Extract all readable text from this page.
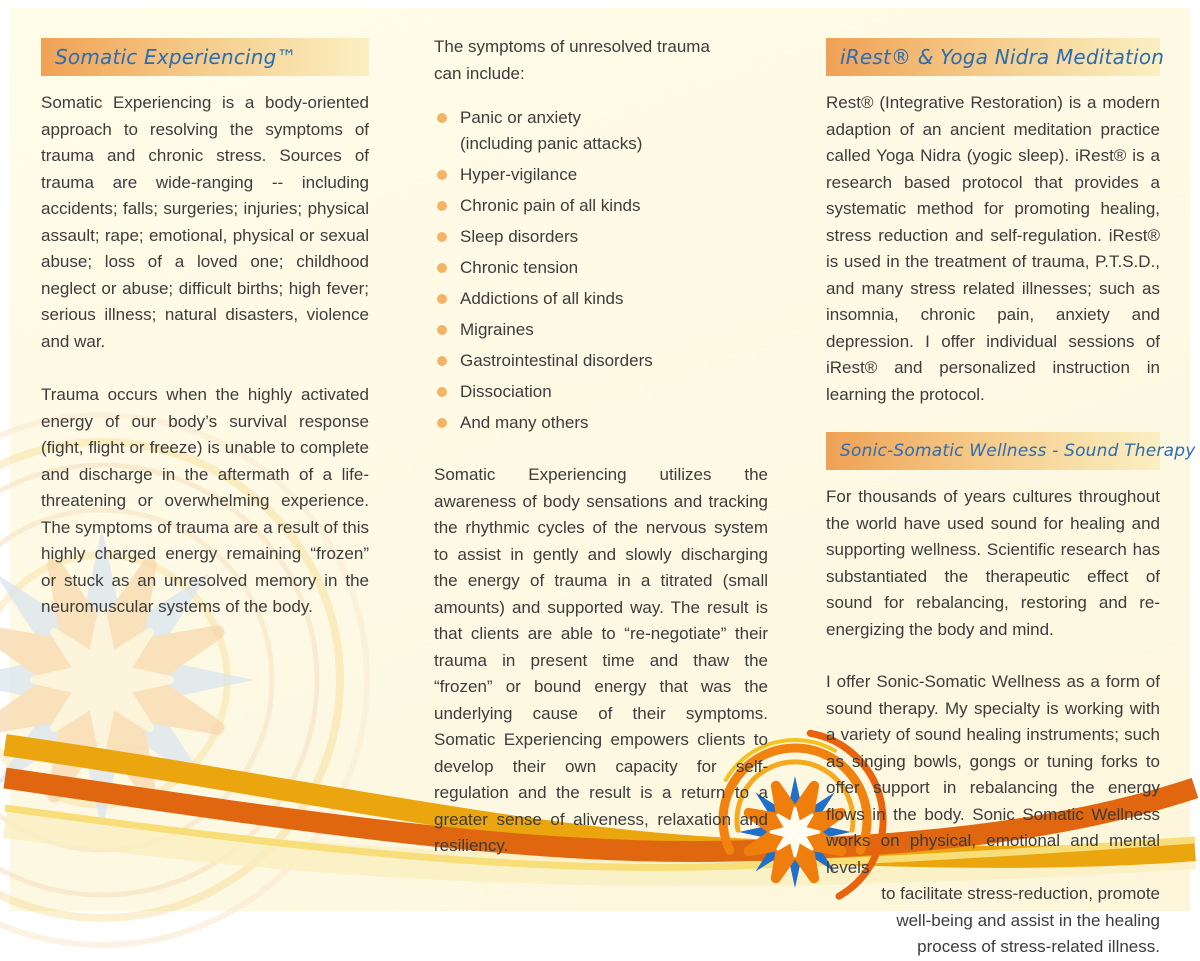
Somatic Experiencing™

Somatic Experiencing is a body-oriented approach to resolving the symptoms of trauma and chronic stress. Sources of trauma are wide-ranging -- including accidents; falls; surgeries; injuries; physical assault; rape; emotional, physical or sexual abuse; loss of a loved one; childhood neglect or abuse; difficult births; high fever; serious illness; natural disasters, violence and war.

Trauma occurs when the highly activated energy of our body’s survival response (fight, flight or freeze) is unable to complete and discharge in the aftermath of a life-threatening or overwhelming experience. The symptoms of trauma are a result of this highly charged energy remaining “frozen” or stuck as an unresolved memory in the neuromuscular systems of the body.

The symptoms of unresolved trauma can include:

Panic or anxiety
(including panic attacks)
Hyper-vigilance
Chronic pain of all kinds
Sleep disorders
Chronic tension
Addictions of all kinds
Migraines
Gastrointestinal disorders
Dissociation
And many others

Somatic Experiencing utilizes the awareness of body sensations and tracking the rhythmic cycles of the nervous system to assist in gently and slowly discharging the energy of trauma in a titrated (small amounts) and supported way. The result is that clients are able to “re-negotiate” their trauma in present time and thaw the “frozen” or bound energy that was the underlying cause of their symptoms. Somatic Experiencing empowers clients to develop their own capacity for self- regulation and the result is a return to a greater sense of aliveness, relaxation and resiliency.

iRest® & Yoga Nidra Meditation

Rest® (Integrative Restoration) is a modern adaption of an ancient meditation practice called Yoga Nidra (yogic sleep). iRest® is a research based protocol that provides a systematic method for promoting healing, stress reduction and self-regulation. iRest® is used in the treatment of trauma, P.T.S.D., and many stress related illnesses; such as insomnia, chronic pain, anxiety and depression. I offer individual sessions of iRest® and personalized instruction in learning the protocol.

Sonic-Somatic Wellness - Sound Therapy

For thousands of years cultures throughout the world have used sound for healing and supporting wellness. Scientific research has substantiated the therapeutic effect of sound for rebalancing, restoring and re-energizing the body and mind.

I offer Sonic-Somatic Wellness as a form of sound therapy. My specialty is working with a variety of sound healing instruments; such as singing bowls, gongs or tuning forks to offer support in rebalancing the energy flows in the body. Sonic Somatic Wellness works on physical, emotional and mental levels

to facilitate stress-reduction, promote well-being and assist in the healing process of stress-related illness.
